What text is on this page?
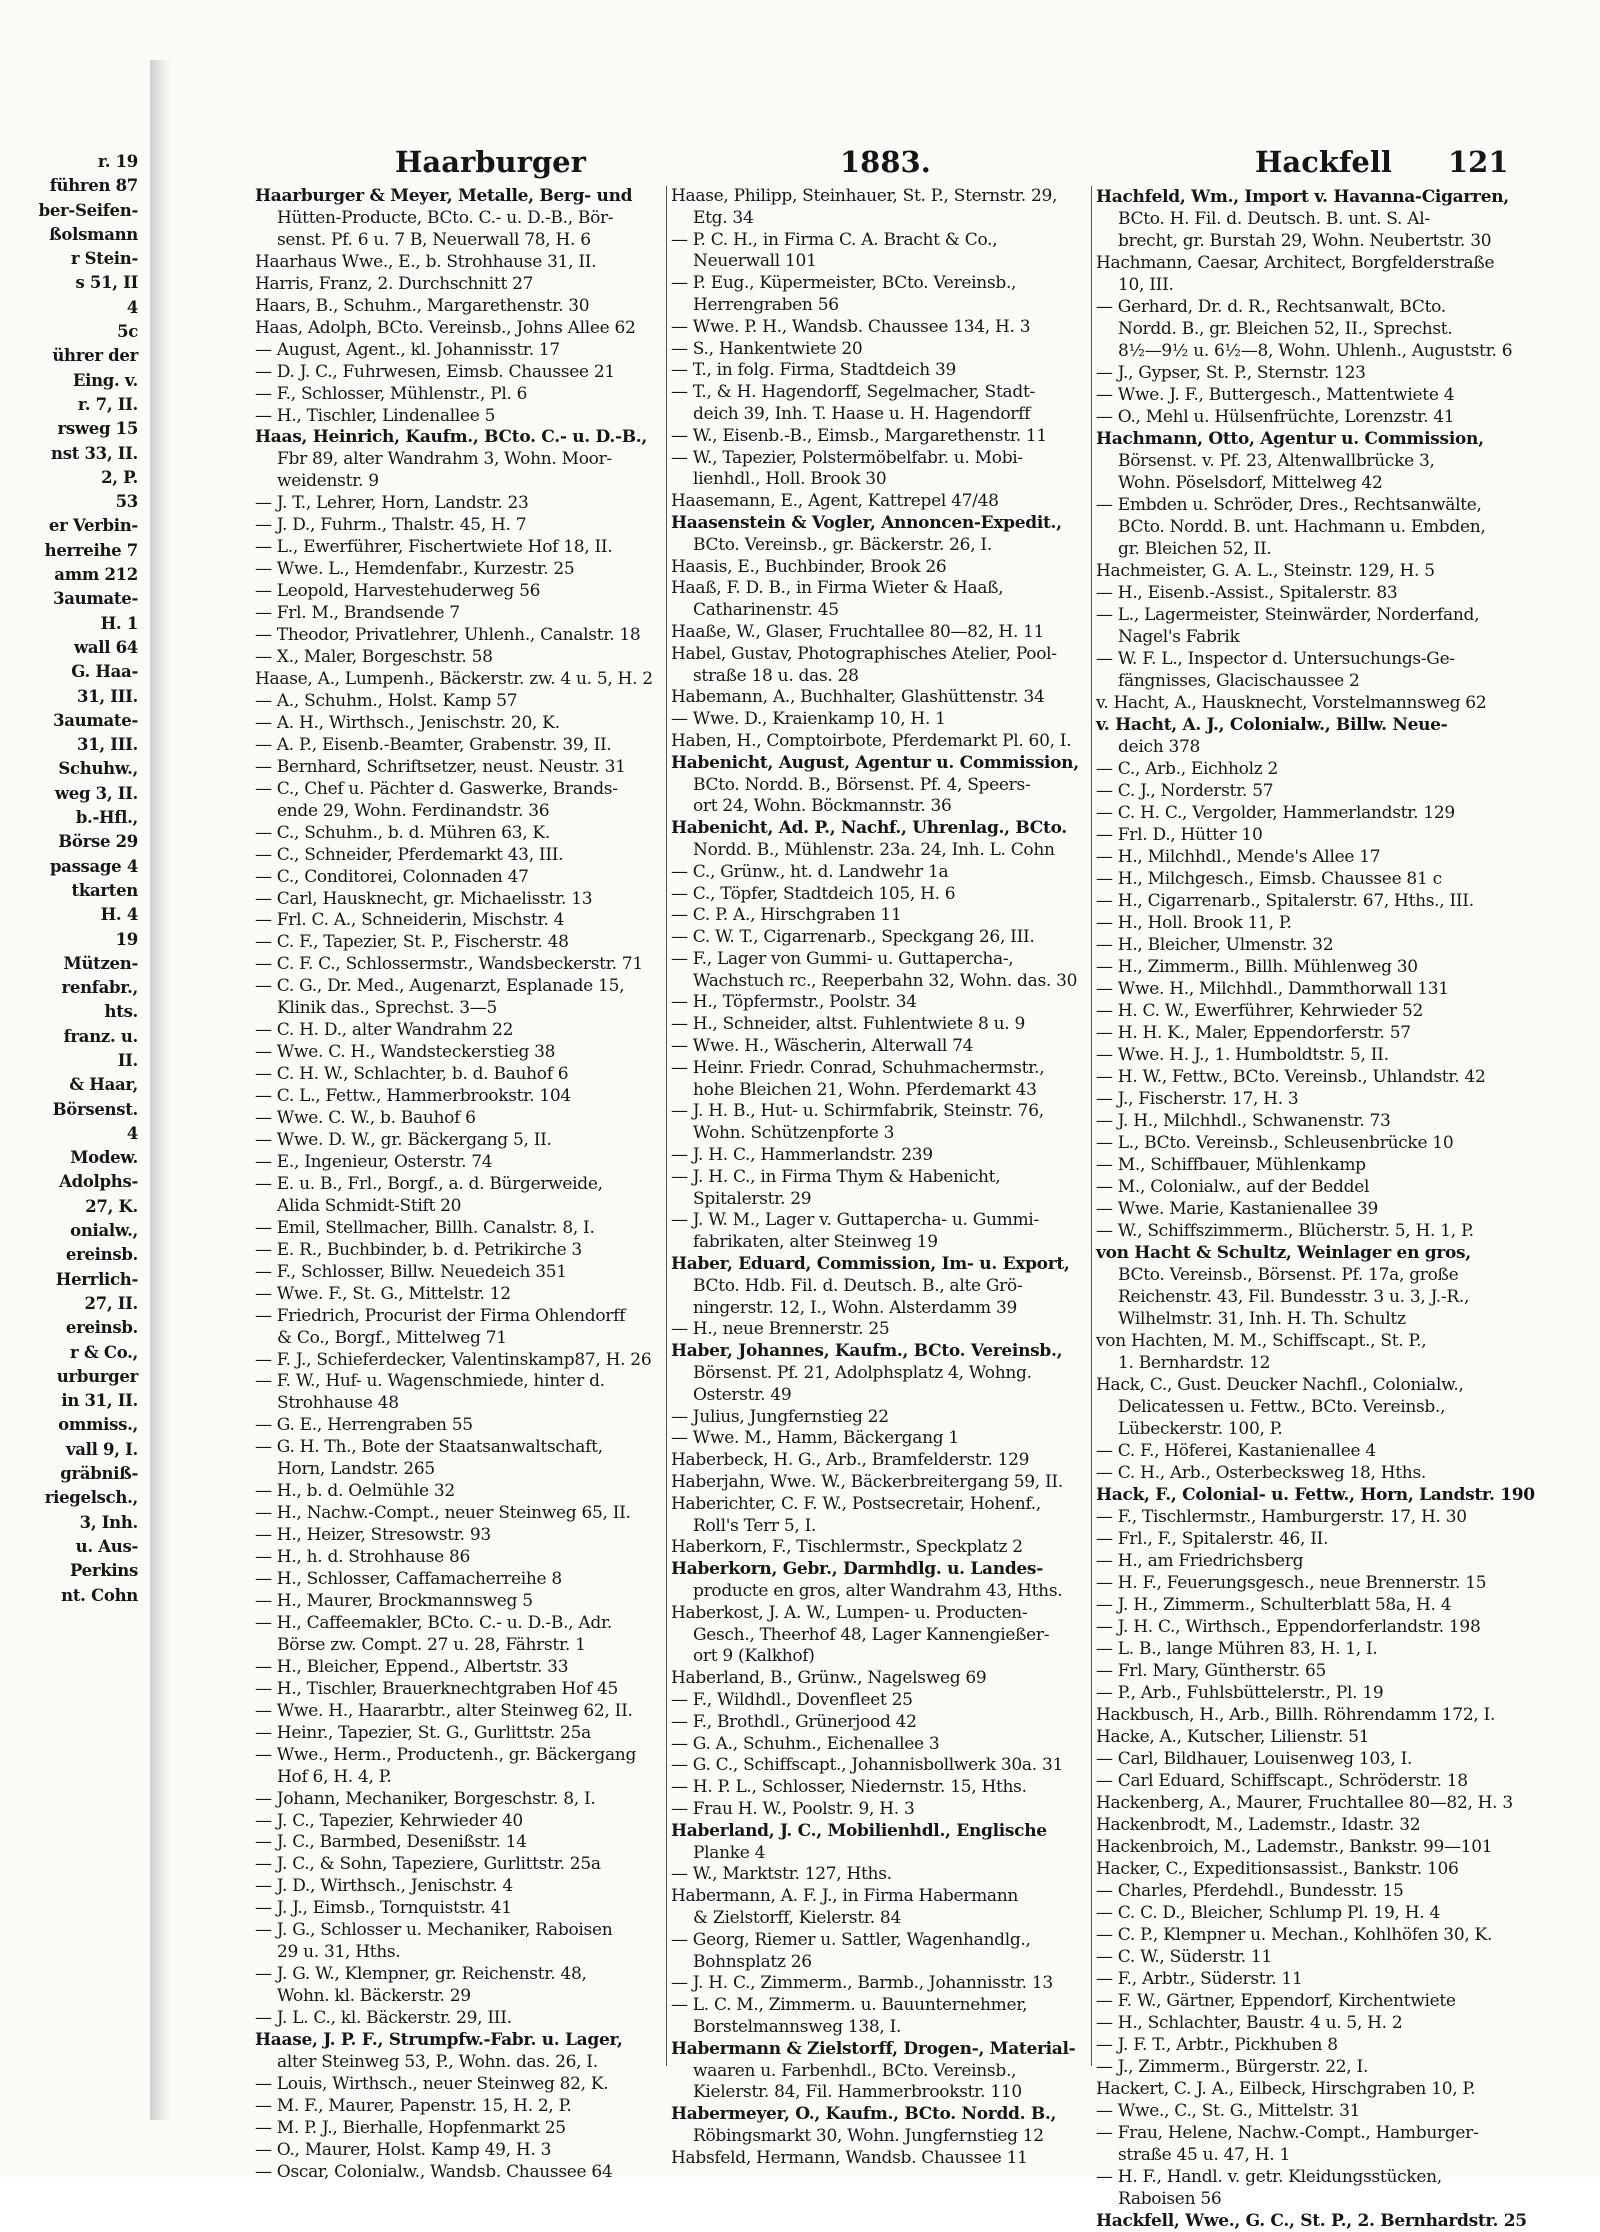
r. 19
führen 87
ber-Seifen-
ßolsmann
r Stein-
s 51, II
4
5c
ührer der
Eing. v.
r. 7, II.
rsweg 15
nst 33, II.
2, P.
53
er Verbin-
herreihe 7
amm 212
3aumate-
H. 1
wall 64
G. Haa-
31, III.
3aumate-
31, III.
Schuhw.,
weg 3, II.
b.-Hfl.,
Börse 29
passage 4
tkarten
H. 4
19
Mützen-
renfabr.,
hts.
franz. u.
II.
& Haar,
Börsenst.
4
Modew.
Adolphs-
27, K.
onialw.,
ereinsb.
Herrlich-
27, II.
ereinsb.
r & Co.,
urburger
in 31, II.
ommiss.,
vall 9, I.
gräbniß-
riegelsch.,
3, Inh.
u. Aus-
Perkins
nt. Cohn
Haarburger	1883.	Hackfell 121
Haarburger & Meyer, Metalle, Berg- und
Hütten-Producte, BCto. C.- u. D.-B., Bör-
senst. Pf. 6 u. 7 B, Neuerwall 78, H. 6
Haarhaus Wwe., E., b. Strohhause 31, II.
Harris, Franz, 2. Durchschnitt 27
Haars, B., Schuhm., Margarethenstr. 30
Haas, Adolph, BCto. Vereinsb., Johns Allee 62
— August, Agent., kl. Johannisstr. 17
— D. J. C., Fuhrwesen, Eimsb. Chaussee 21
— F., Schlosser, Mühlenstr., Pl. 6
— H., Tischler, Lindenallee 5
Haas, Heinrich, Kaufm., BCto. C.- u. D.-B.,
Fbr 89, alter Wandrahm 3, Wohn. Moor-
weidenstr. 9
— J. T., Lehrer, Horn, Landstr. 23
— J. D., Fuhrm., Thalstr. 45, H. 7
— L., Ewerführer, Fischertwiete Hof 18, II.
— Wwe. L., Hemdenfabr., Kurzestr. 25
— Leopold, Harvestehuderweg 56
— Frl. M., Brandsende 7
— Theodor, Privatlehrer, Uhlenh., Canalstr. 18
— X., Maler, Borgeschstr. 58
Haase, A., Lumpenh., Bäckerstr. zw. 4 u. 5, H. 2
— A., Schuhm., Holst. Kamp 57
— A. H., Wirthsch., Jenischstr. 20, K.
— A. P., Eisenb.-Beamter, Grabenstr. 39, II.
— Bernhard, Schriftsetzer, neust. Neustr. 31
— C., Chef u. Pächter d. Gaswerke, Brands-
ende 29, Wohn. Ferdinandstr. 36
— C., Schuhm., b. d. Mühren 63, K.
— C., Schneider, Pferdemarkt 43, III.
— C., Conditorei, Colonnaden 47
— Carl, Hausknecht, gr. Michaelisstr. 13
— Frl. C. A., Schneiderin, Mischstr. 4
— C. F., Tapezier, St. P., Fischerstr. 48
— C. F. C., Schlossermstr., Wandsbeckerstr. 71
— C. G., Dr. Med., Augenarzt, Esplanade 15,
Klinik das., Sprechst. 3—5
— C. H. D., alter Wandrahm 22
— Wwe. C. H., Wandsteckerstieg 38
— C. H. W., Schlachter, b. d. Bauhof 6
— C. L., Fettw., Hammerbrookstr. 104
— Wwe. C. W., b. Bauhof 6
— Wwe. D. W., gr. Bäckergang 5, II.
— E., Ingenieur, Osterstr. 74
— E. u. B., Frl., Borgf., a. d. Bürgerweide,
Alida Schmidt-Stift 20
— Emil, Stellmacher, Billh. Canalstr. 8, I.
— E. R., Buchbinder, b. d. Petrikirche 3
— F., Schlosser, Billw. Neuedeich 351
— Wwe. F., St. G., Mittelstr. 12
— Friedrich, Procurist der Firma Ohlendorff
& Co., Borgf., Mittelweg 71
— F. J., Schieferdecker, Valentinskamp87, H. 26
— F. W., Huf- u. Wagenschmiede, hinter d.
Strohhause 48
— G. E., Herrengraben 55
— G. H. Th., Bote der Staatsanwaltschaft,
Horn, Landstr. 265
— H., b. d. Oelmühle 32
— H., Nachw.-Compt., neuer Steinweg 65, II.
— H., Heizer, Stresowstr. 93
— H., h. d. Strohhause 86
— H., Schlosser, Caffamacherreihe 8
— H., Maurer, Brockmannsweg 5
— H., Caffeemakler, BCto. C.- u. D.-B., Adr.
Börse zw. Compt. 27 u. 28, Fährstr. 1
— H., Bleicher, Eppend., Albertstr. 33
— H., Tischler, Brauerknechtgraben Hof 45
— Wwe. H., Haararbtr., alter Steinweg 62, II.
— Heinr., Tapezier, St. G., Gurlittstr. 25a
— Wwe., Herm., Productenh., gr. Bäckergang
Hof 6, H. 4, P.
— Johann, Mechaniker, Borgeschstr. 8, I.
— J. C., Tapezier, Kehrwieder 40
— J. C., Barmbed, Desenißstr. 14
— J. C., & Sohn, Tapeziere, Gurlittstr. 25a
— J. D., Wirthsch., Jenischstr. 4
— J. J., Eimsb., Tornquiststr. 41
— J. G., Schlosser u. Mechaniker, Raboisen
29 u. 31, Hths.
— J. G. W., Klempner, gr. Reichenstr. 48,
Wohn. kl. Bäckerstr. 29
— J. L. C., kl. Bäckerstr. 29, III.
Haase, J. P. F., Strumpfw.-Fabr. u. Lager,
alter Steinweg 53, P., Wohn. das. 26, I.
— Louis, Wirthsch., neuer Steinweg 82, K.
— M. F., Maurer, Papenstr. 15, H. 2, P.
— M. P. J., Bierhalle, Hopfenmarkt 25
— O., Maurer, Holst. Kamp 49, H. 3
— Oscar, Colonialw., Wandsb. Chaussee 64
Haase, Philipp, Steinhauer, St. P., Sternstr. 29,
Etg. 34
— P. C. H., in Firma C. A. Bracht & Co.,
Neuerwall 101
— P. Eug., Küpermeister, BCto. Vereinsb.,
Herrengraben 56
— Wwe. P. H., Wandsb. Chaussee 134, H. 3
— S., Hankentwiete 20
— T., in folg. Firma, Stadtdeich 39
— T., & H. Hagendorff, Segelmacher, Stadt-
deich 39, Inh. T. Haase u. H. Hagendorff
— W., Eisenb.-B., Eimsb., Margarethenstr. 11
— W., Tapezier, Polstermöbelfabr. u. Mobi-
lienhdl., Holl. Brook 30
Haasemann, E., Agent, Kattrepel 47/48
Haasenstein & Vogler, Annoncen-Expedit.,
BCto. Vereinsb., gr. Bäckerstr. 26, I.
Haasis, E., Buchbinder, Brook 26
Haaß, F. D. B., in Firma Wieter & Haaß,
Catharinenstr. 45
Haaße, W., Glaser, Fruchtallee 80—82, H. 11
Habel, Gustav, Photographisches Atelier, Pool-
straße 18 u. das. 28
Habemann, A., Buchhalter, Glashüttenstr. 34
— Wwe. D., Kraienkamp 10, H. 1
Haben, H., Comptoirbote, Pferdemarkt Pl. 60, I.
Habenicht, August, Agentur u. Commission,
BCto. Nordd. B., Börsenst. Pf. 4, Speers-
ort 24, Wohn. Böckmannstr. 36
Habenicht, Ad. P., Nachf., Uhrenlag., BCto.
Nordd. B., Mühlenstr. 23a. 24, Inh. L. Cohn
— C., Grünw., ht. d. Landwehr 1a
— C., Töpfer, Stadtdeich 105, H. 6
— C. P. A., Hirschgraben 11
— C. W. T., Cigarrenarb., Speckgang 26, III.
— F., Lager von Gummi- u. Guttapercha-,
Wachstuch rc., Reeperbahn 32, Wohn. das. 30
— H., Töpfermstr., Poolstr. 34
— H., Schneider, altst. Fuhlentwiete 8 u. 9
— Wwe. H., Wäscherin, Alterwall 74
— Heinr. Friedr. Conrad, Schuhmachermstr.,
hohe Bleichen 21, Wohn. Pferdemarkt 43
— J. H. B., Hut- u. Schirmfabrik, Steinstr. 76,
Wohn. Schützenpforte 3
— J. H. C., Hammerlandstr. 239
— J. H. C., in Firma Thym & Habenicht,
Spitalerstr. 29
— J. W. M., Lager v. Guttapercha- u. Gummi-
fabrikaten, alter Steinweg 19
Haber, Eduard, Commission, Im- u. Export,
BCto. Hdb. Fil. d. Deutsch. B., alte Grö-
ningerstr. 12, I., Wohn. Alsterdamm 39
— H., neue Brennerstr. 25
Haber, Johannes, Kaufm., BCto. Vereinsb.,
Börsenst. Pf. 21, Adolphsplatz 4, Wohng.
Osterstr. 49
— Julius, Jungfernstieg 22
— Wwe. M., Hamm, Bäckergang 1
Haberbeck, H. G., Arb., Bramfelderstr. 129
Haberjahn, Wwe. W., Bäckerbreitergang 59, II.
Haberichter, C. F. W., Postsecretair, Hohenf.,
Roll's Terr 5, I.
Haberkorn, F., Tischlermstr., Speckplatz 2
Haberkorn, Gebr., Darmhdlg. u. Landes-
producte en gros, alter Wandrahm 43, Hths.
Haberkost, J. A. W., Lumpen- u. Producten-
Gesch., Theerhof 48, Lager Kannengießer-
ort 9 (Kalkhof)
Haberland, B., Grünw., Nagelsweg 69
— F., Wildhdl., Dovenfleet 25
— F., Brothdl., Grünerjood 42
— G. A., Schuhm., Eichenallee 3
— G. C., Schiffscapt., Johannisbollwerk 30a. 31
— H. P. L., Schlosser, Niedernstr. 15, Hths.
— Frau H. W., Poolstr. 9, H. 3
Haberland, J. C., Mobilienhdl., Englische
Planke 4
— W., Marktstr. 127, Hths.
Habermann, A. F. J., in Firma Habermann
& Zielstorff, Kielerstr. 84
— Georg, Riemer u. Sattler, Wagenhandlg.,
Bohnsplatz 26
— J. H. C., Zimmerm., Barmb., Johannisstr. 13
— L. C. M., Zimmerm. u. Bauunternehmer,
Borstelmannsweg 138, I.
Habermann & Zielstorff, Drogen-, Material-
waaren u. Farbenhdl., BCto. Vereinsb.,
Kielerstr. 84, Fil. Hammerbrookstr. 110
Habermeyer, O., Kaufm., BCto. Nordd. B.,
Röbingsmarkt 30, Wohn. Jungfernstieg 12
Habsfeld, Hermann, Wandsb. Chaussee 11
Hachfeld, Wm., Import v. Havanna-Cigarren,
BCto. H. Fil. d. Deutsch. B. unt. S. Al-
brecht, gr. Burstah 29, Wohn. Neubertstr. 30
Hachmann, Caesar, Architect, Borgfelderstraße
10, III.
— Gerhard, Dr. d. R., Rechtsanwalt, BCto.
Nordd. B., gr. Bleichen 52, II., Sprechst.
8½—9½ u. 6½—8, Wohn. Uhlenh., Auguststr. 6
— J., Gypser, St. P., Sternstr. 123
— Wwe. J. F., Buttergesch., Mattentwiete 4
— O., Mehl u. Hülsenfrüchte, Lorenzstr. 41
Hachmann, Otto, Agentur u. Commission,
Börsenst. v. Pf. 23, Altenwallbrücke 3,
Wohn. Pöselsdorf, Mittelweg 42
— Embden u. Schröder, Dres., Rechtsanwälte,
BCto. Nordd. B. unt. Hachmann u. Embden,
gr. Bleichen 52, II.
Hachmeister, G. A. L., Steinstr. 129, H. 5
— H., Eisenb.-Assist., Spitalerstr. 83
— L., Lagermeister, Steinwärder, Norderfand,
Nagel's Fabrik
— W. F. L., Inspector d. Untersuchungs-Ge-
fängnisses, Glacischaussee 2
v. Hacht, A., Hausknecht, Vorstelmannsweg 62
v. Hacht, A. J., Colonialw., Billw. Neue-
deich 378
— C., Arb., Eichholz 2
— C. J., Norderstr. 57
— C. H. C., Vergolder, Hammerlandstr. 129
— Frl. D., Hütter 10
— H., Milchhdl., Mende's Allee 17
— H., Milchgesch., Eimsb. Chaussee 81 c
— H., Cigarrenarb., Spitalerstr. 67, Hths., III.
— H., Holl. Brook 11, P.
— H., Bleicher, Ulmenstr. 32
— H., Zimmerm., Billh. Mühlenweg 30
— Wwe. H., Milchhdl., Dammthorwall 131
— H. C. W., Ewerführer, Kehrwieder 52
— H. H. K., Maler, Eppendorferstr. 57
— Wwe. H. J., 1. Humboldtstr. 5, II.
— H. W., Fettw., BCto. Vereinsb., Uhlandstr. 42
— J., Fischerstr. 17, H. 3
— J. H., Milchhdl., Schwanenstr. 73
— L., BCto. Vereinsb., Schleusenbrücke 10
— M., Schiffbauer, Mühlenkamp
— M., Colonialw., auf der Beddel
— Wwe. Marie, Kastanienallee 39
— W., Schiffszimmerm., Blücherstr. 5, H. 1, P.
von Hacht & Schultz, Weinlager en gros,
BCto. Vereinsb., Börsenst. Pf. 17a, große
Reichenstr. 43, Fil. Bundesstr. 3 u. 3, J.-R.,
Wilhelmstr. 31, Inh. H. Th. Schultz
von Hachten, M. M., Schiffscapt., St. P.,
1. Bernhardstr. 12
Hack, C., Gust. Deucker Nachfl., Colonialw.,
Delicatessen u. Fettw., BCto. Vereinsb.,
Lübeckerstr. 100, P.
— C. F., Höferei, Kastanienallee 4
— C. H., Arb., Osterbecksweg 18, Hths.
Hack, F., Colonial- u. Fettw., Horn, Landstr. 190
— F., Tischlermstr., Hamburgerstr. 17, H. 30
— Frl., F., Spitalerstr. 46, II.
— H., am Friedrichsberg
— H. F., Feuerungsgesch., neue Brennerstr. 15
— J. H., Zimmerm., Schulterblatt 58a, H. 4
— J. H. C., Wirthsch., Eppendorferlandstr. 198
— L. B., lange Mühren 83, H. 1, I.
— Frl. Mary, Güntherstr. 65
— P., Arb., Fuhlsbüttelerstr., Pl. 19
Hackbusch, H., Arb., Billh. Röhrendamm 172, I.
Hacke, A., Kutscher, Lilienstr. 51
— Carl, Bildhauer, Louisenweg 103, I.
— Carl Eduard, Schiffscapt., Schröderstr. 18
Hackenberg, A., Maurer, Fruchtallee 80—82, H. 3
Hackenbrodt, M., Lademstr., Idastr. 32
Hackenbroich, M., Lademstr., Bankstr. 99—101
Hacker, C., Expeditionsassist., Bankstr. 106
— Charles, Pferdehdl., Bundesstr. 15
— C. C. D., Bleicher, Schlump Pl. 19, H. 4
— C. P., Klempner u. Mechan., Kohlhöfen 30, K.
— C. W., Süderstr. 11
— F., Arbtr., Süderstr. 11
— F. W., Gärtner, Eppendorf, Kirchentwiete
— H., Schlachter, Baustr. 4 u. 5, H. 2
— J. F. T., Arbtr., Pickhuben 8
— J., Zimmerm., Bürgerstr. 22, I.
Hackert, C. J. A., Eilbeck, Hirschgraben 10, P.
— Wwe., C., St. G., Mittelstr. 31
— Frau, Helene, Nachw.-Compt., Hamburger-
straße 45 u. 47, H. 1
— H. F., Handl. v. getr. Kleidungsstücken,
Raboisen 56
Hackfell, Wwe., G. C., St. P., 2. Bernhardstr. 25
